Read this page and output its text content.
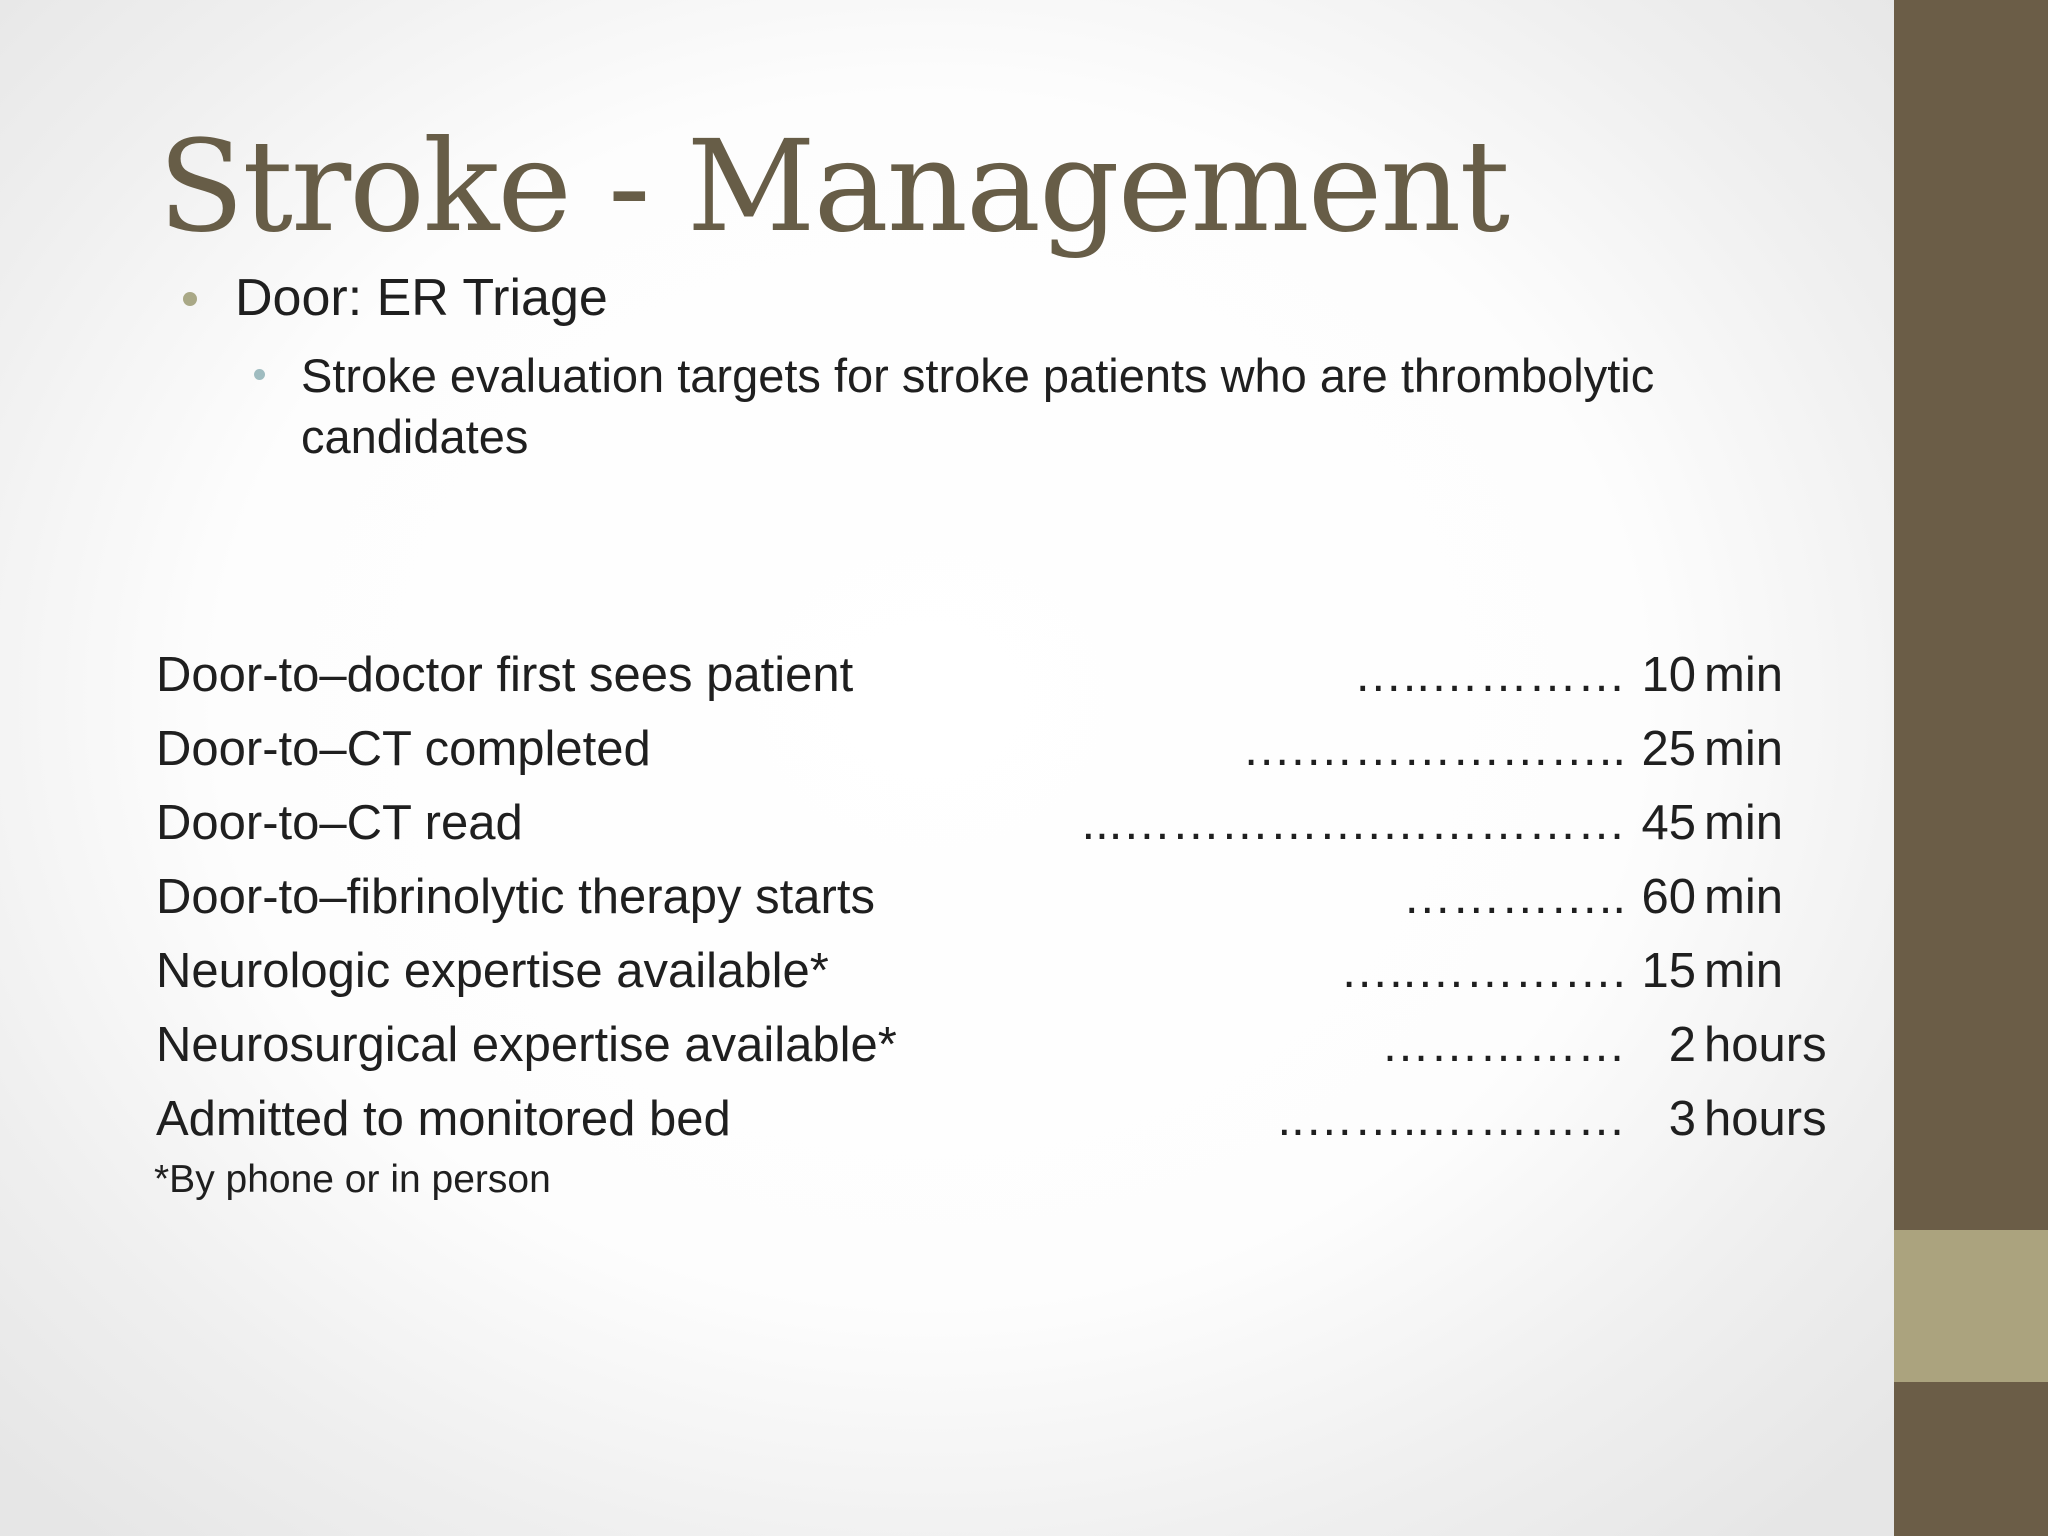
Stroke - Management
Door: ER Triage
Stroke evaluation targets for stroke patients who are thrombolytic candidates
Door-to–doctor first sees patient	…..………… 10 min
Door-to–CT completed	….……………….. 25 min
Door-to–CT read	...…………….…………… 45 min
Door-to–fibrinolytic therapy starts	………….. 60 min
Neurologic expertise available*	…..…………. 15 min
Neurosurgical expertise available*	…………… 2 hours
Admitted to monitored bed	..……..………… 3 hours
*By phone or in person
